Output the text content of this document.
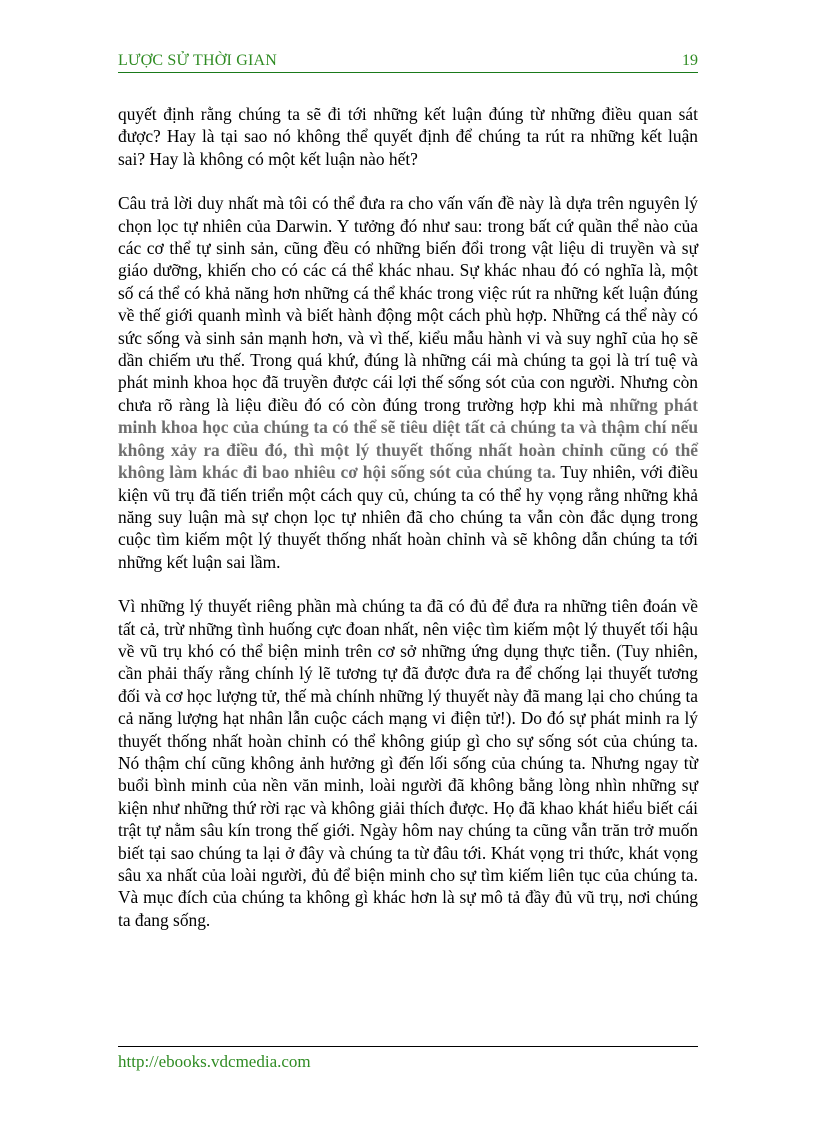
LƯỢC SỬ THỜI GIAN	19

quyết định rằng chúng ta sẽ đi tới những kết luận đúng từ những điều quan sát được? Hay là tại sao nó không thể quyết định để chúng ta rút ra những kết luận sai? Hay là không có một kết luận nào hết?

Câu trả lời duy nhất mà tôi có thể đưa ra cho vấn vấn đề này là dựa trên nguyên lý chọn lọc tự nhiên của Darwin. Y tưởng đó như sau: trong bất cứ quần thể nào của các cơ thể tự sinh sản, cũng đều có những biến đổi trong vật liệu di truyền và sự giáo dưỡng, khiến cho có các cá thể khác nhau. Sự khác nhau đó có nghĩa là, một số cá thể có khả năng hơn những cá thể khác trong việc rút ra những kết luận đúng về thế giới quanh mình và biết hành động một cách phù hợp. Những cá thể này có sức sống và sinh sản mạnh hơn, và vì thế, kiểu mẫu hành vi và suy nghĩ của họ sẽ dần chiếm ưu thế. Trong quá khứ, đúng là những cái mà chúng ta gọi là trí tuệ và phát minh khoa học đã truyền được cái lợi thế sống sót của con người. Nhưng còn chưa rõ ràng là liệu điều đó có còn đúng trong trường hợp khi mà những phát minh khoa học của chúng ta có thể sẽ tiêu diệt tất cả chúng ta và thậm chí nếu không xảy ra điều đó, thì một lý thuyết thống nhất hoàn chỉnh cũng có thể không làm khác đi bao nhiêu cơ hội sống sót của chúng ta. Tuy nhiên, với điều kiện vũ trụ đã tiến triển một cách quy củ, chúng ta có thể hy vọng rằng những khả năng suy luận mà sự chọn lọc tự nhiên đã cho chúng ta vẫn còn đắc dụng trong cuộc tìm kiếm một lý thuyết thống nhất hoàn chỉnh và sẽ không dẫn chúng ta tới những kết luận sai lầm.

Vì những lý thuyết riêng phần mà chúng ta đã có đủ để đưa ra những tiên đoán về tất cả, trừ những tình huống cực đoan nhất, nên việc tìm kiếm một lý thuyết tối hậu về vũ trụ khó có thể biện minh trên cơ sở những ứng dụng thực tiễn. (Tuy nhiên, cần phải thấy rằng chính lý lẽ tương tự đã được đưa ra để chống lại thuyết tương đối và cơ học lượng tử, thế mà chính những lý thuyết này đã mang lại cho chúng ta cả năng lượng hạt nhân lẫn cuộc cách mạng vi điện tử!). Do đó sự phát minh ra lý thuyết thống nhất hoàn chỉnh có thể không giúp gì cho sự sống sót của chúng ta. Nó thậm chí cũng không ảnh hưởng gì đến lối sống của chúng ta. Nhưng ngay từ buổi bình minh của nền văn minh, loài người đã không bằng lòng nhìn những sự kiện như những thứ rời rạc và không giải thích được. Họ đã khao khát hiểu biết cái trật tự nằm sâu kín trong thế giới. Ngày hôm nay chúng ta cũng vẫn trăn trở muốn biết tại sao chúng ta lại ở đây và chúng ta từ đâu tới. Khát vọng tri thức, khát vọng sâu xa nhất của loài người, đủ để biện minh cho sự tìm kiếm liên tục của chúng ta. Và mục đích của chúng ta không gì khác hơn là sự mô tả đầy đủ vũ trụ, nơi chúng ta đang sống.

http://ebooks.vdcmedia.com
